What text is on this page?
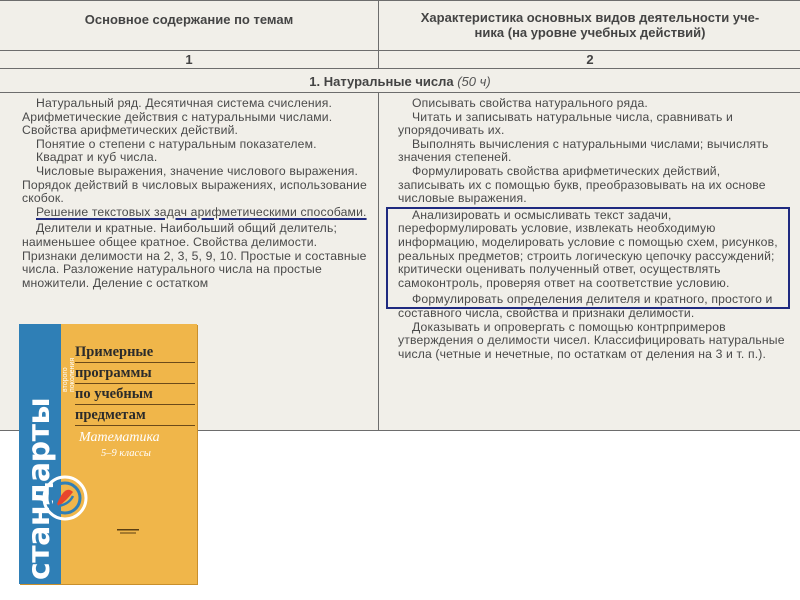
Основное содержание по темам	Характеристика основных видов деятельности уче-
ника (на уровне учебных действий)
1	2
1. Натуральные числа (50 ч)

Натуральный ряд. Десятичная система счисления. Арифметические действия с натуральными числами. Свойства арифметических действий.

Понятие о степени с натуральным показателем.

Квадрат и куб числа.

Числовые выражения, значение числового выражения. Порядок действий в числовых выражениях, использование скобок.

Решение текстовых задач арифметическими способами.

Делители и кратные. Наибольший общий делитель; наименьшее общее кратное. Свойства делимости. Признаки делимости на 2, 3, 5, 9, 10. Простые и составные числа. Разложение натурального числа на простые множители. Деление с остатком

Описывать свойства натурального ряда.

Читать и записывать натуральные числа, сравнивать и упорядочивать их.

Выполнять вычисления с натуральными числами; вычислять значения степеней.

Формулировать свойства арифметических действий, записывать их с помощью букв, преобразовывать на их основе числовые выражения.

Анализировать и осмысливать текст задачи, переформулировать условие, извлекать необходимую информацию, моделировать условие с помощью схем, рисунков, реальных предметов; строить логическую цепочку рассуждений; критически оценивать полученный ответ, осуществлять самоконтроль, проверяя ответ на соответствие условию.

Формулировать определения делителя и кратного, простого и составного числа, свойства и признаки делимости.

Доказывать и опровергать с помощью контрпримеров утверждения о делимости чисел. Классифицировать натуральные числа (четные и нечетные, по остаткам от деления на 3 и т. п.).

стандарты
второго поколения
Примерные
программы
по учебным
предметам
Математика
5–9 классы
